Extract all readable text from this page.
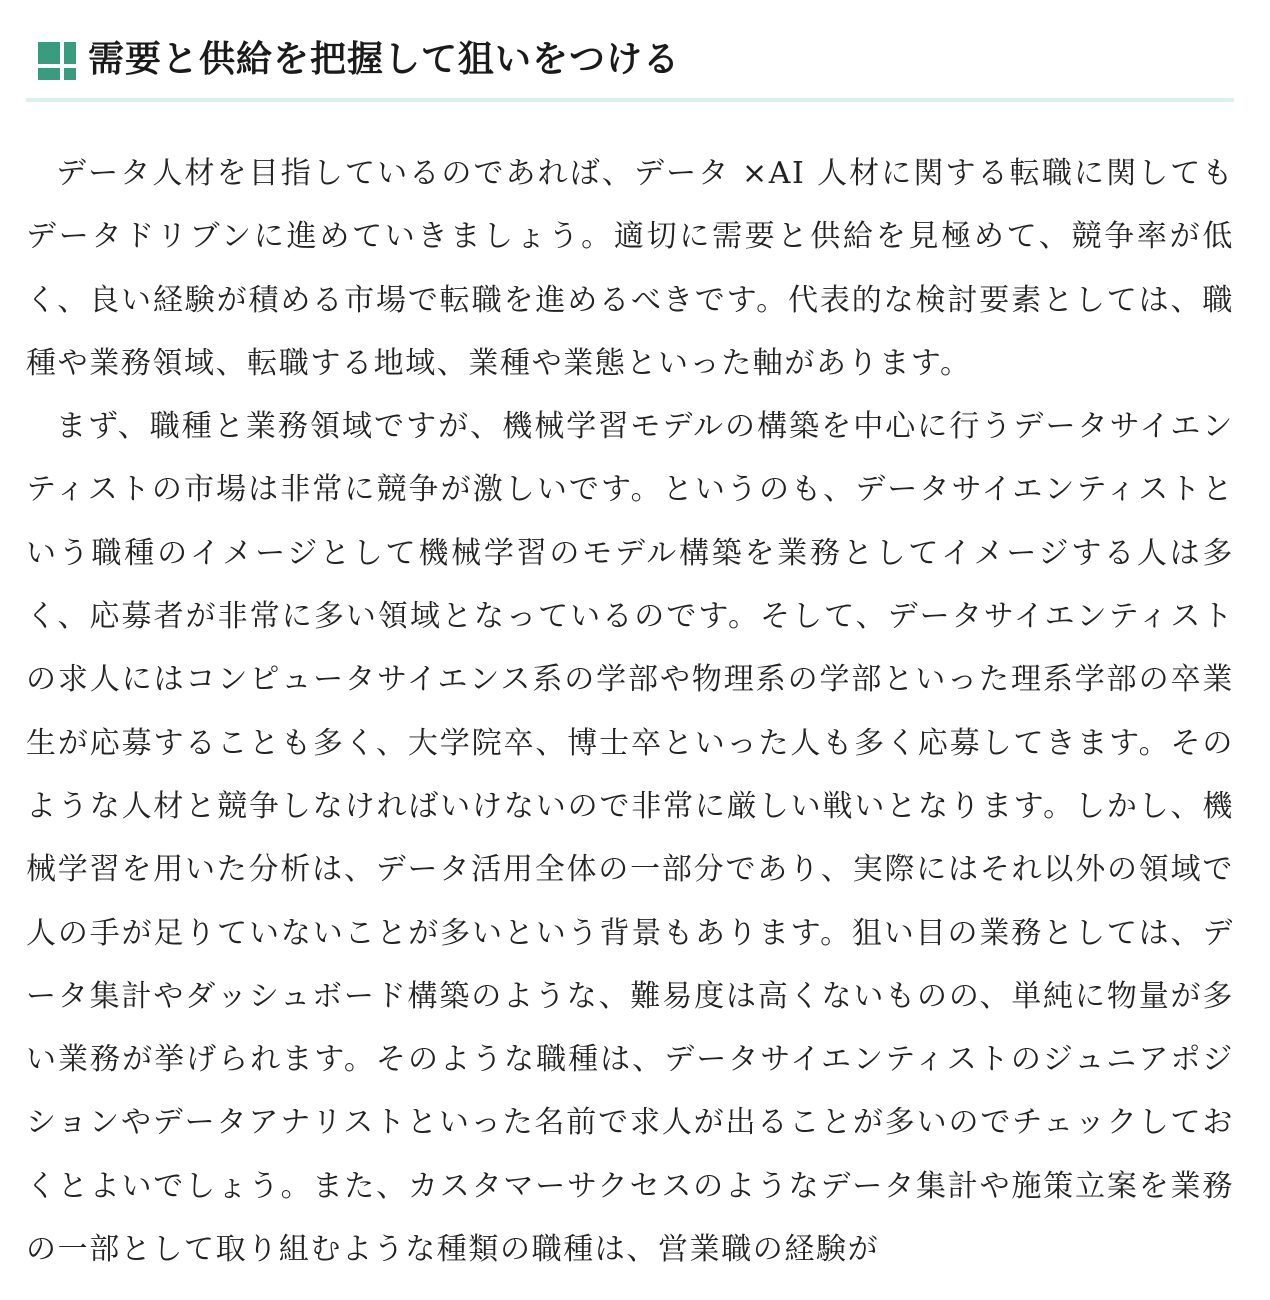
需要と供給を把握して狙いをつける

データ人材を目指しているのであれば、データ ×AI 人材に関する転職に関してもデータドリブンに進めていきましょう。適切に需要と供給を見極めて、競争率が低く、良い経験が積める市場で転職を進めるべきです。代表的な検討要素としては、職種や業務領域、転職する地域、業種や業態といった軸があります。

まず、職種と業務領域ですが、機械学習モデルの構築を中心に行うデータサイエンティストの市場は非常に競争が激しいです。というのも、データサイエンティストという職種のイメージとして機械学習のモデル構築を業務としてイメージする人は多く、応募者が非常に多い領域となっているのです。そして、データサイエンティストの求人にはコンピュータサイエンス系の学部や物理系の学部といった理系学部の卒業生が応募することも多く、大学院卒、博士卒といった人も多く応募してきます。そのような人材と競争しなければいけないので非常に厳しい戦いとなります。しかし、機械学習を用いた分析は、データ活用全体の一部分であり、実際にはそれ以外の領域で人の手が足りていないことが多いという背景もあります。狙い目の業務としては、データ集計やダッシュボード構築のような、難易度は高くないものの、単純に物量が多い業務が挙げられます。そのような職種は、データサイエンティストのジュニアポジションやデータアナリストといった名前で求人が出ることが多いのでチェックしておくとよいでしょう。また、カスタマーサクセスのようなデータ集計や施策立案を業務の一部として取り組むような種類の職種は、営業職の経験が
